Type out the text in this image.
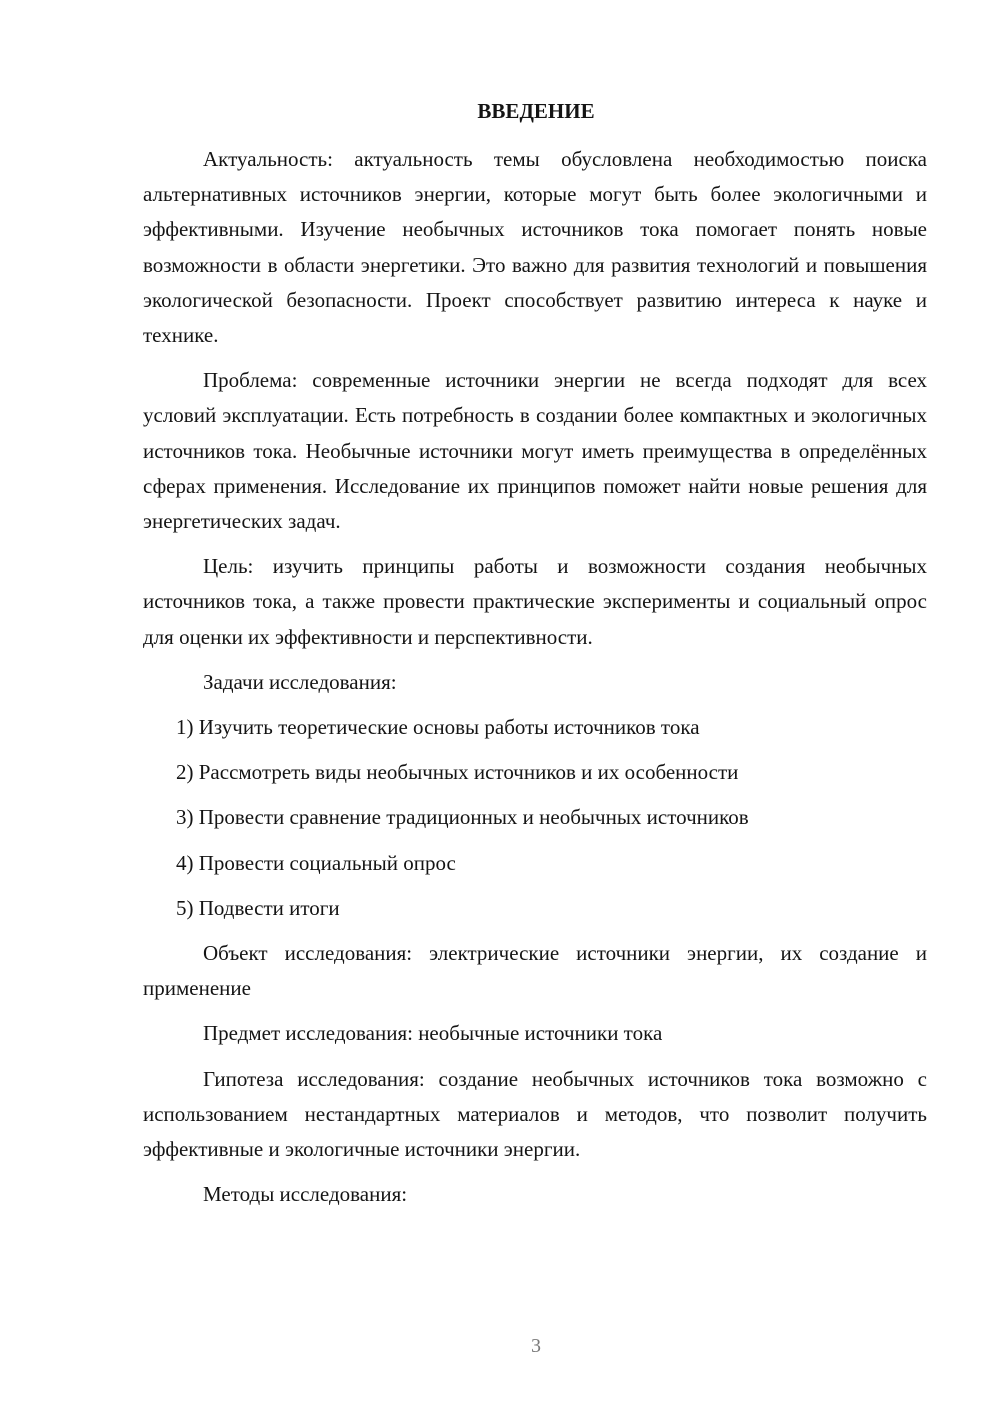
ВВЕДЕНИЕ

Актуальность: актуальность темы обусловлена необходимостью поиска альтернативных источников энергии, которые могут быть более экологичными и эффективными. Изучение необычных источников тока помогает понять новые возможности в области энергетики. Это важно для развития технологий и повышения экологической безопасности. Проект способствует развитию интереса к науке и технике.

Проблема: современные источники энергии не всегда подходят для всех условий эксплуатации. Есть потребность в создании более компактных и экологичных источников тока. Необычные источники могут иметь преимущества в определённых сферах применения. Исследование их принципов поможет найти новые решения для энергетических задач.

Цель: изучить принципы работы и возможности создания необычных источников тока, а также провести практические эксперименты и социальный опрос для оценки их эффективности и перспективности.

Задачи исследования:

1) Изучить теоретические основы работы источников тока

2) Рассмотреть виды необычных источников и их особенности

3) Провести сравнение традиционных и необычных источников

4) Провести социальный опрос

5) Подвести итоги

Объект исследования: электрические источники энергии, их создание и применение

Предмет исследования: необычные источники тока

Гипотеза исследования: создание необычных источников тока возможно с использованием нестандартных материалов и методов, что позволит получить эффективные и экологичные источники энергии.

Методы исследования:

3
